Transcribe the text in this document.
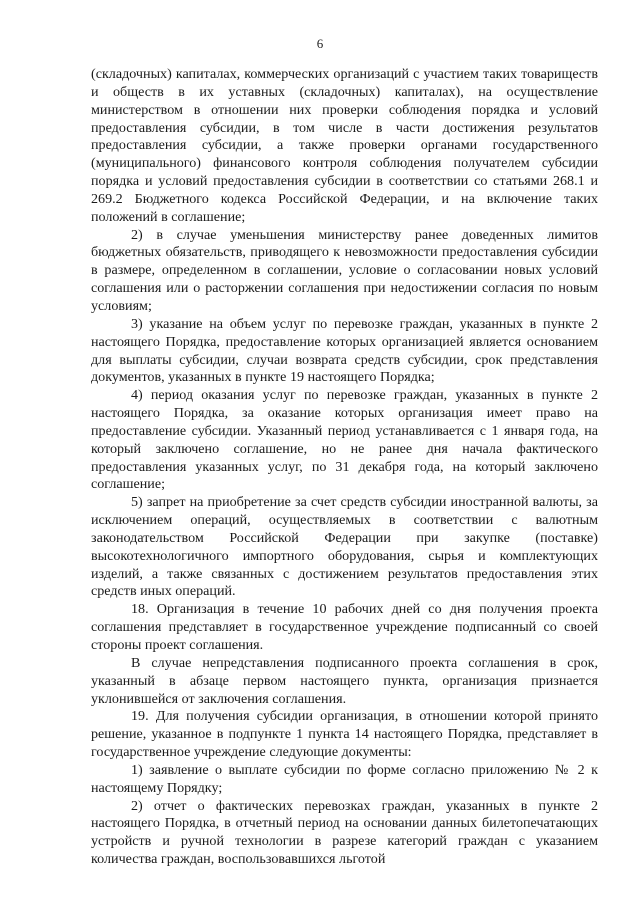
6

(складочных) капиталах, коммерческих организаций с участием таких товариществ и обществ в их уставных (складочных) капиталах), на осуществление министерством в отношении них проверки соблюдения порядка и условий предоставления субсидии, в том числе в части достижения результатов предоставления субсидии, а также проверки органами государственного (муниципального) финансового контроля соблюдения получателем субсидии порядка и условий предоставления субсидии в соответствии со статьями 268.1 и 269.2 Бюджетного кодекса Российской Федерации, и на включение таких положений в соглашение;

2) в случае уменьшения министерству ранее доведенных лимитов бюджетных обязательств, приводящего к невозможности предоставления субсидии в размере, определенном в соглашении, условие о согласовании новых условий соглашения или о расторжении соглашения при недостижении согласия по новым условиям;

3) указание на объем услуг по перевозке граждан, указанных в пункте 2 настоящего Порядка, предоставление которых организацией является основанием для выплаты субсидии, случаи возврата средств субсидии, срок представления документов, указанных в пункте 19 настоящего Порядка;

4) период оказания услуг по перевозке граждан, указанных в пункте 2 настоящего Порядка, за оказание которых организация имеет право на предоставление субсидии. Указанный период устанавливается с 1 января года, на который заключено соглашение, но не ранее дня начала фактического предоставления указанных услуг, по 31 декабря года, на который заключено соглашение;

5) запрет на приобретение за счет средств субсидии иностранной валюты, за исключением операций, осуществляемых в соответствии с валютным законодательством Российской Федерации при закупке (поставке) высокотехнологичного импортного оборудования, сырья и комплектующих изделий, а также связанных с достижением результатов предоставления этих средств иных операций.

18. Организация в течение 10 рабочих дней со дня получения проекта соглашения представляет в государственное учреждение подписанный со своей стороны проект соглашения.

В случае непредставления подписанного проекта соглашения в срок, указанный в абзаце первом настоящего пункта, организация признается уклонившейся от заключения соглашения.

19. Для получения субсидии организация, в отношении которой принято решение, указанное в подпункте 1 пункта 14 настоящего Порядка, представляет в государственное учреждение следующие документы:

1) заявление о выплате субсидии по форме согласно приложению № 2 к настоящему Порядку;

2) отчет о фактических перевозках граждан, указанных в пункте 2 настоящего Порядка, в отчетный период на основании данных билетопечатающих устройств и ручной технологии в разрезе категорий граждан с указанием количества граждан, воспользовавшихся льготой
